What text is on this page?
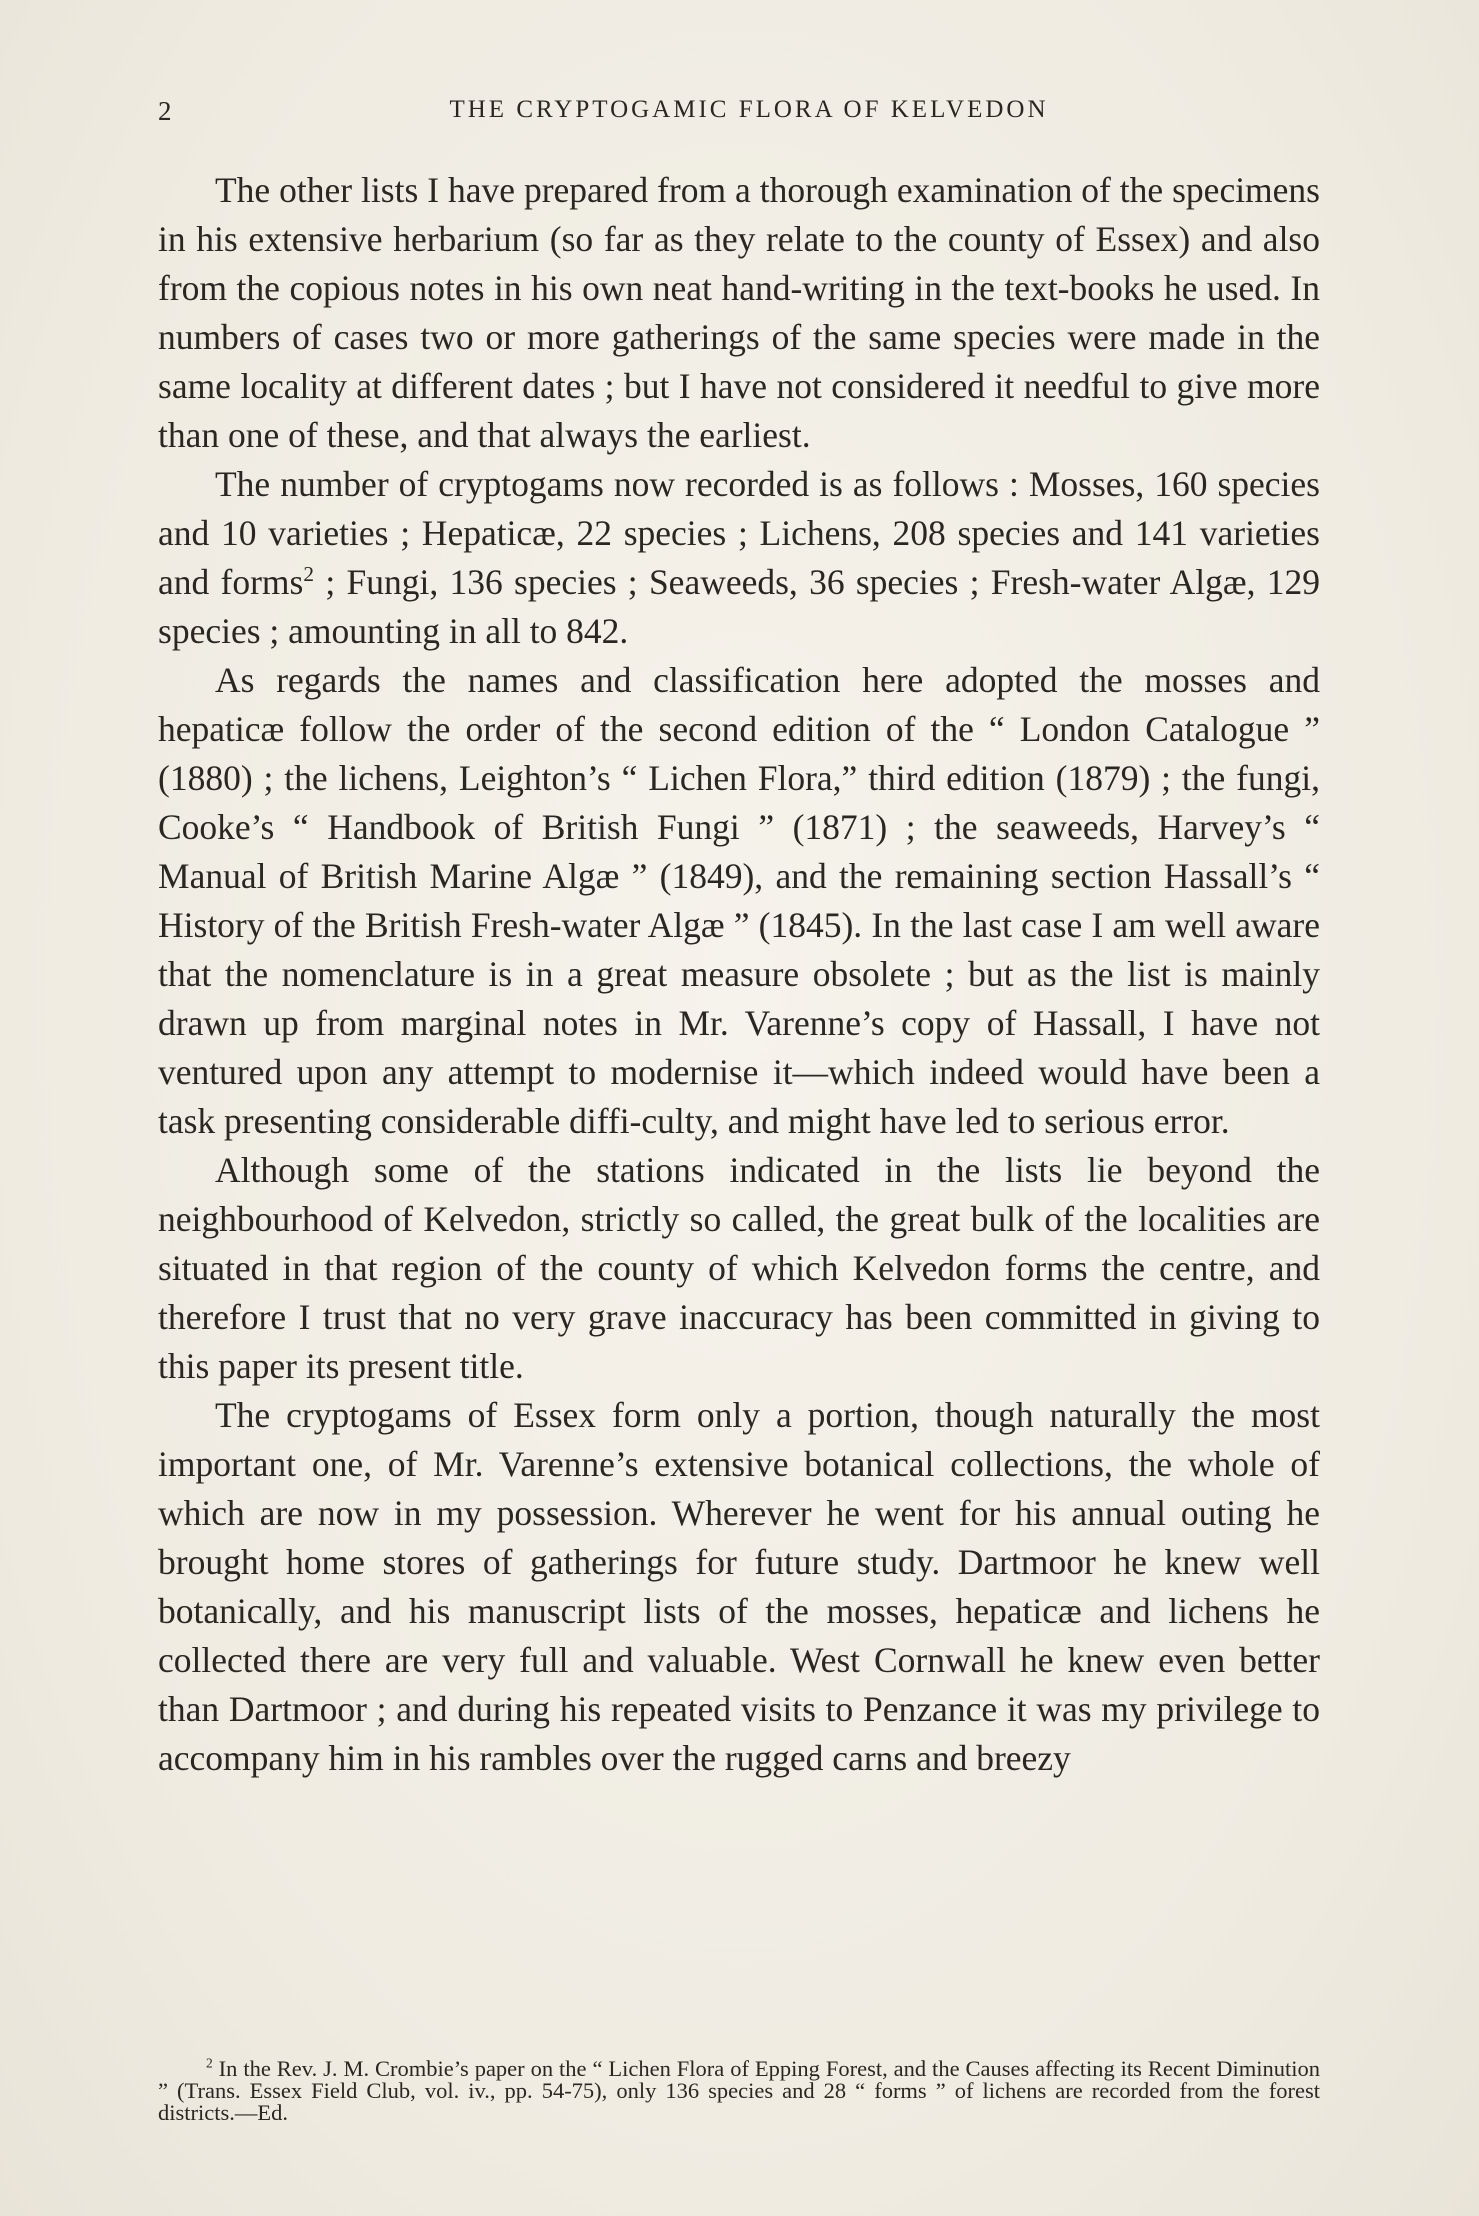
2	THE CRYPTOGAMIC FLORA OF KELVEDON

The other lists I have prepared from a thorough examination of the specimens in his extensive herbarium (so far as they relate to the county of Essex) and also from the copious notes in his own neat hand-writing in the text-books he used. In numbers of cases two or more gatherings of the same species were made in the same locality at different dates ; but I have not considered it needful to give more than one of these, and that always the earliest.

The number of cryptogams now recorded is as follows : Mosses, 160 species and 10 varieties ; Hepaticæ, 22 species ; Lichens, 208 species and 141 varieties and forms$^2$ ; Fungi, 136 species ; Seaweeds, 36 species ; Fresh-water Algæ, 129 species ; amounting in all to 842.

As regards the names and classification here adopted the mosses and hepaticæ follow the order of the second edition of the “ London Catalogue ” (1880) ; the lichens, Leighton’s “ Lichen Flora,” third edition (1879) ; the fungi, Cooke’s “ Handbook of British Fungi ” (1871) ; the seaweeds, Harvey’s “ Manual of British Marine Algæ ” (1849), and the remaining section Hassall’s “ History of the British Fresh-water Algæ ” (1845). In the last case I am well aware that the nomenclature is in a great measure obsolete ; but as the list is mainly drawn up from marginal notes in Mr. Varenne’s copy of Hassall, I have not ventured upon any attempt to modernise it—which indeed would have been a task presenting considerable diffi-culty, and might have led to serious error.

Although some of the stations indicated in the lists lie beyond the neighbourhood of Kelvedon, strictly so called, the great bulk of the localities are situated in that region of the county of which Kelvedon forms the centre, and therefore I trust that no very grave inaccuracy has been committed in giving to this paper its present title.

The cryptogams of Essex form only a portion, though naturally the most important one, of Mr. Varenne’s extensive botanical collections, the whole of which are now in my possession. Wherever he went for his annual outing he brought home stores of gatherings for future study. Dartmoor he knew well botanically, and his manuscript lists of the mosses, hepaticæ and lichens he collected there are very full and valuable. West Cornwall he knew even better than Dartmoor ; and during his repeated visits to Penzance it was my privilege to accompany him in his rambles over the rugged carns and breezy

$^2$ In the Rev. J. M. Crombie’s paper on the “ Lichen Flora of Epping Forest, and the Causes affecting its Recent Diminution ” (Trans. Essex Field Club, vol. iv., pp. 54-75), only 136 species and 28 “ forms ” of lichens are recorded from the forest districts.—Ed.
